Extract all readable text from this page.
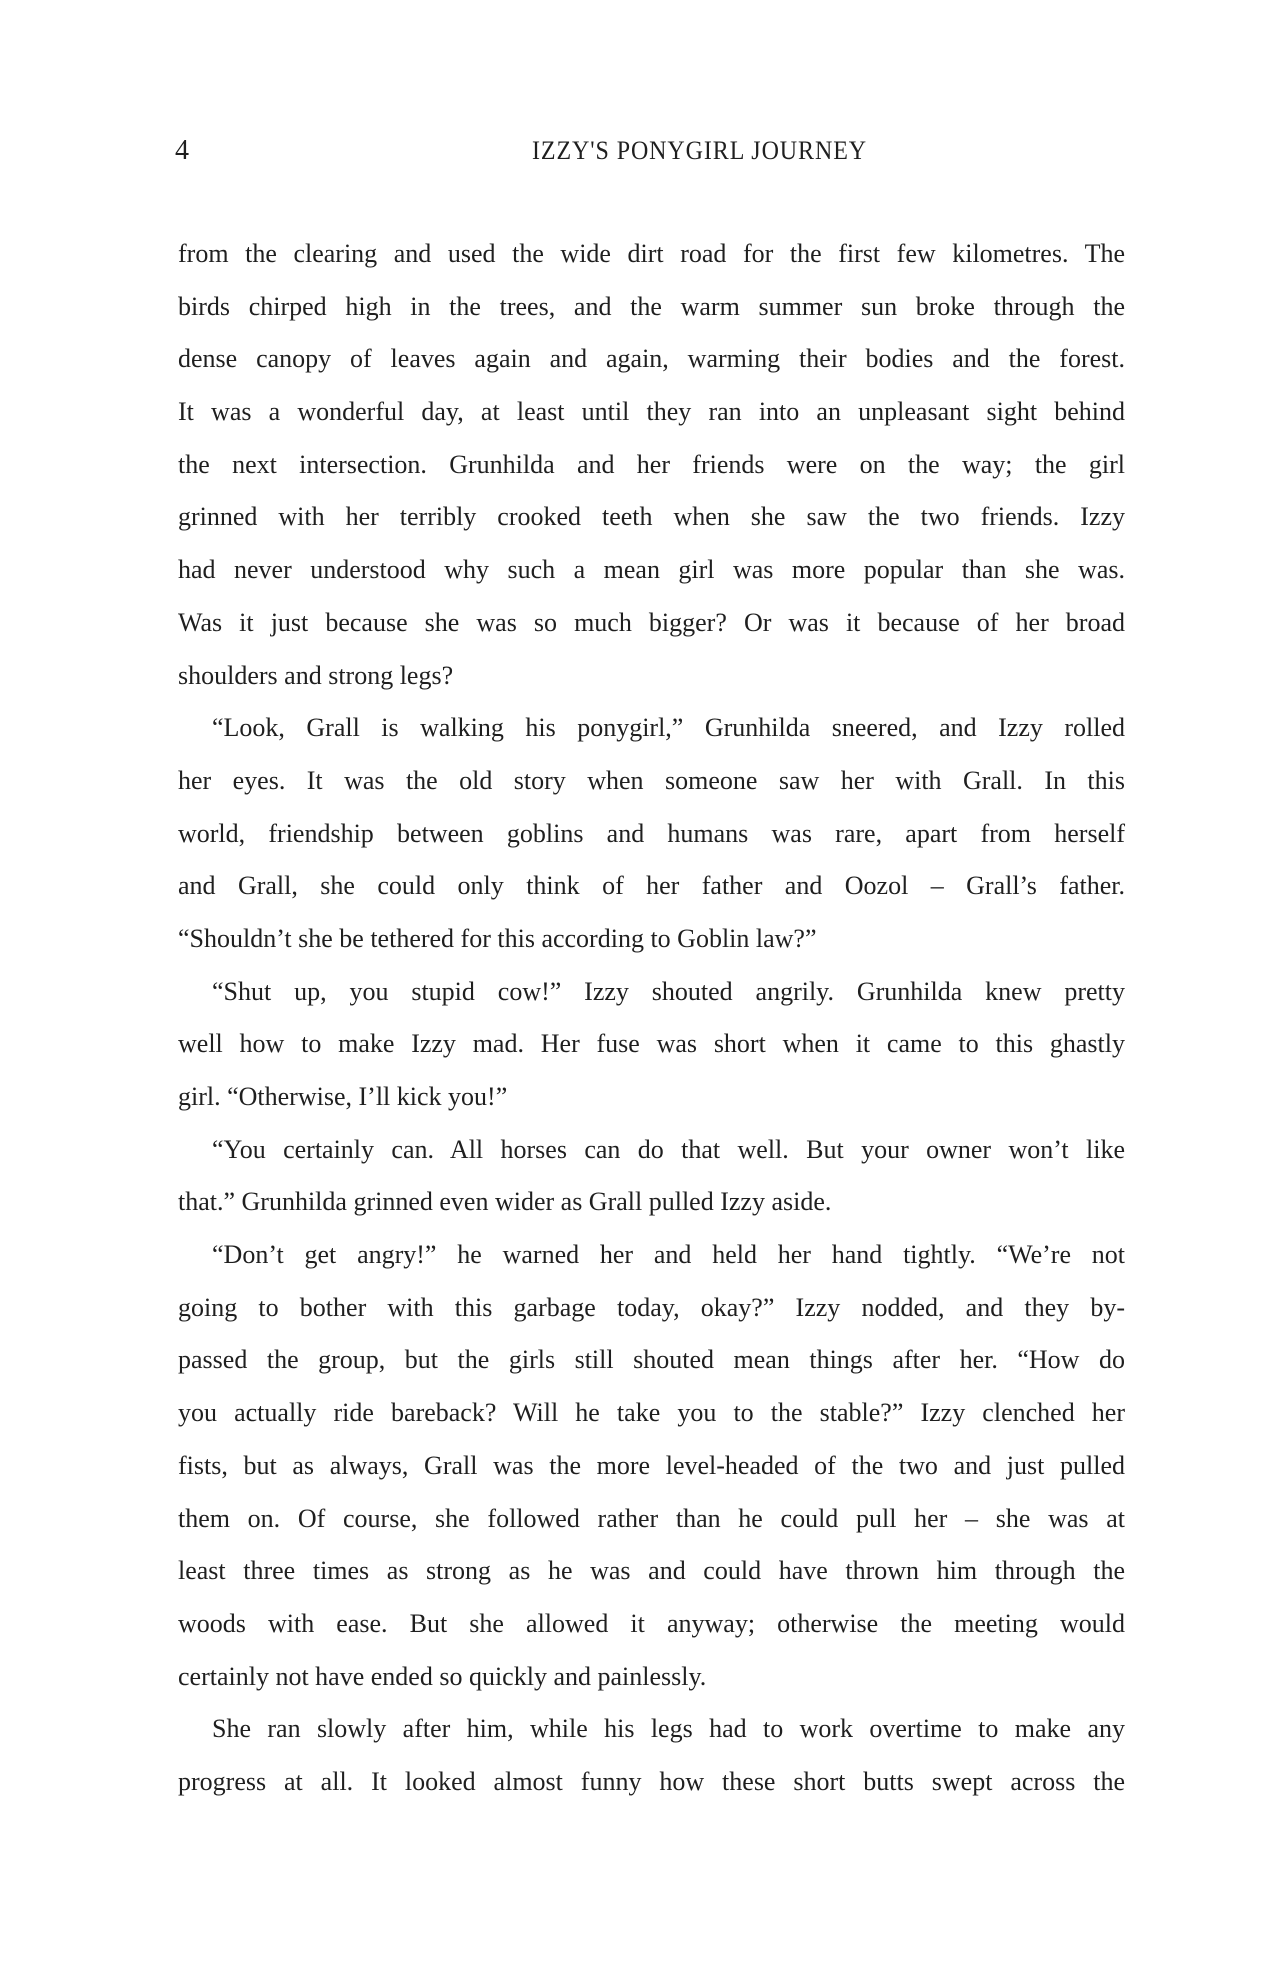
4	IZZY'S PONYGIRL JOURNEY
from the clearing and used the wide dirt road for the first few kilometres. The
birds chirped high in the trees, and the warm summer sun broke through the
dense canopy of leaves again and again, warming their bodies and the forest.
It was a wonderful day, at least until they ran into an unpleasant sight behind
the next intersection. Grunhilda and her friends were on the way; the girl
grinned with her terribly crooked teeth when she saw the two friends. Izzy
had never understood why such a mean girl was more popular than she was.
Was it just because she was so much bigger? Or was it because of her broad
shoulders and strong legs?
“Look, Grall is walking his ponygirl,” Grunhilda sneered, and Izzy rolled
her eyes. It was the old story when someone saw her with Grall. In this
world, friendship between goblins and humans was rare, apart from herself
and Grall, she could only think of her father and Oozol – Grall’s father.
“Shouldn’t she be tethered for this according to Goblin law?”
“Shut up, you stupid cow!” Izzy shouted angrily. Grunhilda knew pretty
well how to make Izzy mad. Her fuse was short when it came to this ghastly
girl. “Otherwise, I’ll kick you!”
“You certainly can. All horses can do that well. But your owner won’t like
that.” Grunhilda grinned even wider as Grall pulled Izzy aside.
“Don’t get angry!” he warned her and held her hand tightly. “We’re not
going to bother with this garbage today, okay?” Izzy nodded, and they by-
passed the group, but the girls still shouted mean things after her. “How do
you actually ride bareback? Will he take you to the stable?” Izzy clenched her
fists, but as always, Grall was the more level-headed of the two and just pulled
them on. Of course, she followed rather than he could pull her – she was at
least three times as strong as he was and could have thrown him through the
woods with ease. But she allowed it anyway; otherwise the meeting would
certainly not have ended so quickly and painlessly.
She ran slowly after him, while his legs had to work overtime to make any
progress at all. It looked almost funny how these short butts swept across the
